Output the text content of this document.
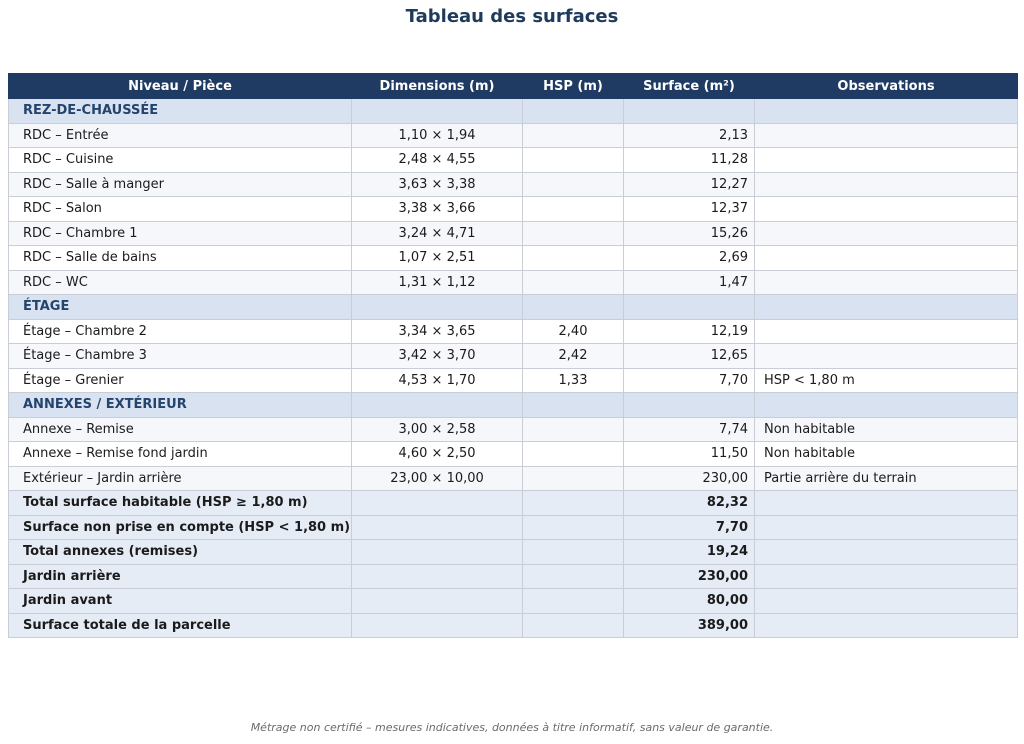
Tableau des surfaces
Niveau / Pièce	Dimensions (m)	HSP (m)	Surface (m²)	Observations
REZ-DE-CHAUSSÉE				
RDC – Entrée	1,10 × 1,94		2,13	
RDC – Cuisine	2,48 × 4,55		11,28	
RDC – Salle à manger	3,63 × 3,38		12,27	
RDC – Salon	3,38 × 3,66		12,37	
RDC – Chambre 1	3,24 × 4,71		15,26	
RDC – Salle de bains	1,07 × 2,51		2,69	
RDC – WC	1,31 × 1,12		1,47	
ÉTAGE				
Étage – Chambre 2	3,34 × 3,65	2,40	12,19	
Étage – Chambre 3	3,42 × 3,70	2,42	12,65	
Étage – Grenier	4,53 × 1,70	1,33	7,70	HSP < 1,80 m
ANNEXES / EXTÉRIEUR				
Annexe – Remise	3,00 × 2,58		7,74	Non habitable
Annexe – Remise fond jardin	4,60 × 2,50		11,50	Non habitable
Extérieur – Jardin arrière	23,00 × 10,00		230,00	Partie arrière du terrain
Total surface habitable (HSP ≥ 1,80 m)			82,32	
Surface non prise en compte (HSP < 1,80 m)			7,70	
Total annexes (remises)			19,24	
Jardin arrière			230,00	
Jardin avant			80,00	
Surface totale de la parcelle			389,00	
Métrage non certifié – mesures indicatives, données à titre informatif, sans valeur de garantie.
